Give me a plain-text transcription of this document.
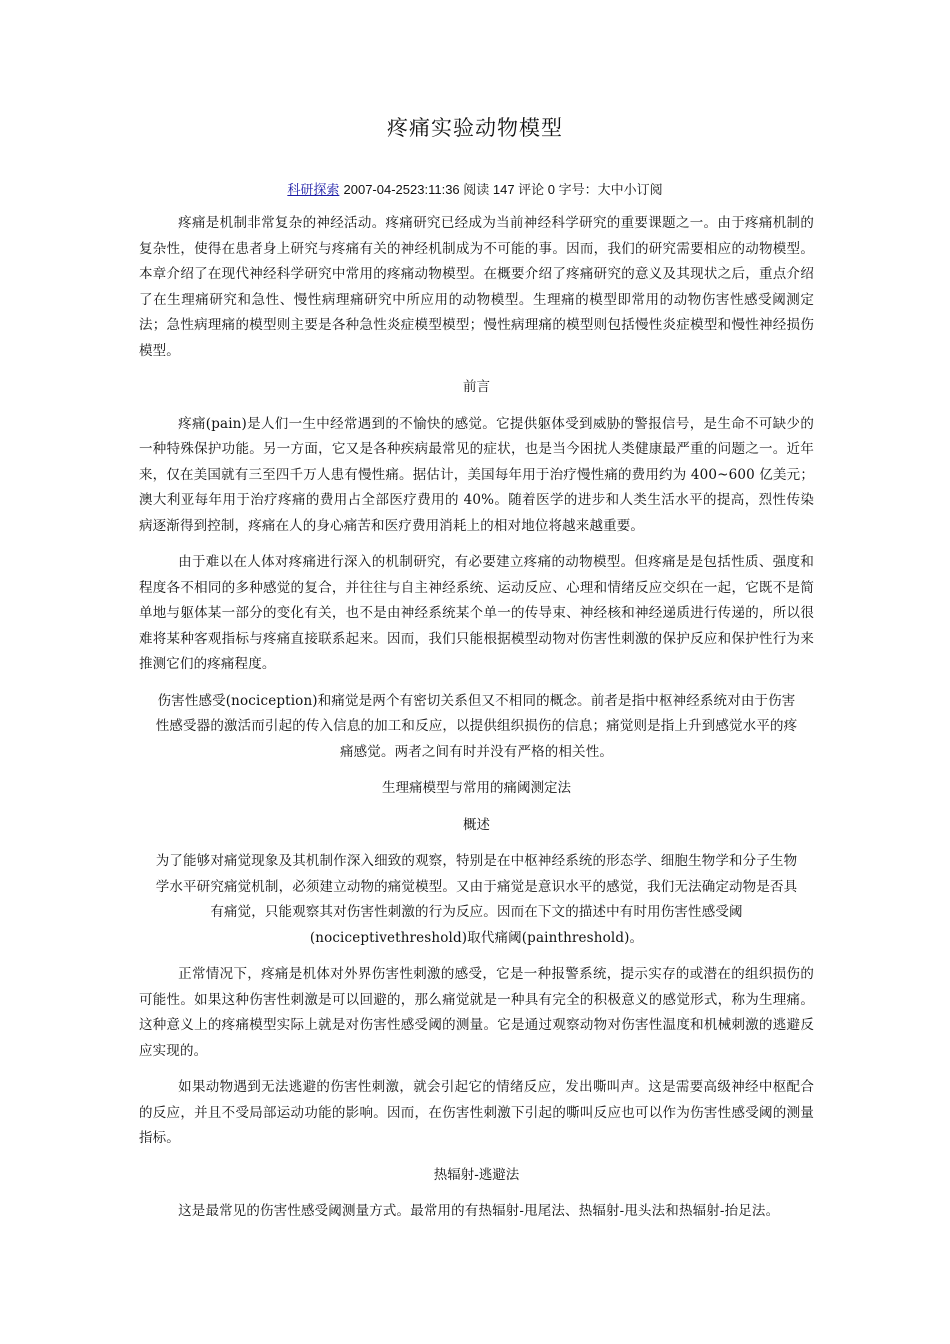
疼痛实验动物模型
科研探索 2007-04-2523:11:36 阅读 147 评论 0 字号：大中小订阅

疼痛是机制非常复杂的神经活动。疼痛研究已经成为当前神经科学研究的重要课题之一。由于疼痛机制的复杂性，使得在患者身上研究与疼痛有关的神经机制成为不可能的事。因而，我们的研究需要相应的动物模型。本章介绍了在现代神经科学研究中常用的疼痛动物模型。在概要介绍了疼痛研究的意义及其现状之后，重点介绍了在生理痛研究和急性、慢性病理痛研究中所应用的动物模型。生理痛的模型即常用的动物伤害性感受阈测定法；急性病理痛的模型则主要是各种急性炎症模型模型；慢性病理痛的模型则包括慢性炎症模型和慢性神经损伤模型。

前言

疼痛(pain)是人们一生中经常遇到的不愉快的感觉。它提供躯体受到威胁的警报信号，是生命不可缺少的一种特殊保护功能。另一方面，它又是各种疾病最常见的症状，也是当今困扰人类健康最严重的问题之一。近年来，仅在美国就有三至四千万人患有慢性痛。据估计，美国每年用于治疗慢性痛的费用约为 400~600 亿美元；澳大利亚每年用于治疗疼痛的费用占全部医疗费用的 40%。随着医学的进步和人类生活水平的提高，烈性传染病逐渐得到控制，疼痛在人的身心痛苦和医疗费用消耗上的相对地位将越来越重要。

由于难以在人体对疼痛进行深入的机制研究，有必要建立疼痛的动物模型。但疼痛是是包括性质、强度和程度各不相同的多种感觉的复合，并往往与自主神经系统、运动反应、心理和情绪反应交织在一起，它既不是简单地与躯体某一部分的变化有关，也不是由神经系统某个单一的传导束、神经核和神经递质进行传递的，所以很难将某种客观指标与疼痛直接联系起来。因而，我们只能根据模型动物对伤害性刺激的保护反应和保护性行为来推测它们的疼痛程度。

伤害性感受(nociception)和痛觉是两个有密切关系但又不相同的概念。前者是指中枢神经系统对由于伤害性感受器的激活而引起的传入信息的加工和反应，以提供组织损伤的信息；痛觉则是指上升到感觉水平的疼痛感觉。两者之间有时并没有严格的相关性。

生理痛模型与常用的痛阈测定法
概述

为了能够对痛觉现象及其机制作深入细致的观察，特别是在中枢神经系统的形态学、细胞生物学和分子生物学水平研究痛觉机制，必须建立动物的痛觉模型。又由于痛觉是意识水平的感觉，我们无法确定动物是否具有痛觉，只能观察其对伤害性刺激的行为反应。因而在下文的描述中有时用伤害性感受阈(nociceptivethreshold)取代痛阈(painthreshold)。

正常情况下，疼痛是机体对外界伤害性刺激的感受，它是一种报警系统，提示实存的或潜在的组织损伤的可能性。如果这种伤害性刺激是可以回避的，那么痛觉就是一种具有完全的积极意义的感觉形式，称为生理痛。这种意义上的疼痛模型实际上就是对伤害性感受阈的测量。它是通过观察动物对伤害性温度和机械刺激的逃避反应实现的。

如果动物遇到无法逃避的伤害性刺激，就会引起它的情绪反应，发出嘶叫声。这是需要高级神经中枢配合的反应，并且不受局部运动功能的影响。因而，在伤害性刺激下引起的嘶叫反应也可以作为伤害性感受阈的测量指标。

热辐射-逃避法

这是最常见的伤害性感受阈测量方式。最常用的有热辐射-甩尾法、热辐射-甩头法和热辐射-抬足法。
